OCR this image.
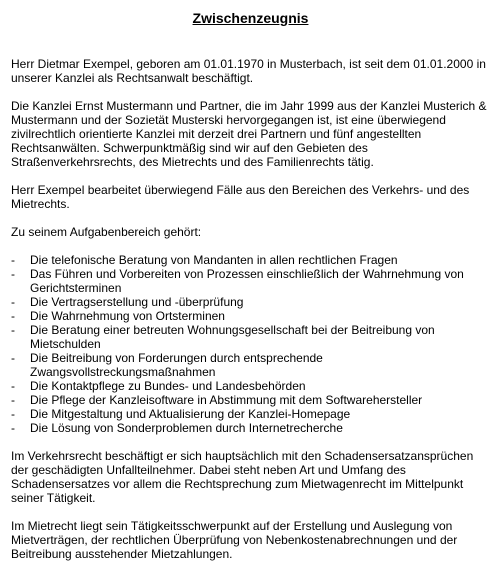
Zwischenzeugnis

Herr Dietmar Exempel, geboren am 01.01.1970 in Musterbach, ist seit dem 01.01.2000 in unserer Kanzlei als Rechtsanwalt beschäftigt.

Die Kanzlei Ernst Mustermann und Partner, die im Jahr 1999 aus der Kanzlei Musterich & Mustermann und der Sozietät Musterski hervorgegangen ist, ist eine überwiegend zivilrechtlich orientierte Kanzlei mit derzeit drei Partnern und fünf angestellten Rechtsanwälten. Schwerpunktmäßig sind wir auf den Gebieten des Straßenverkehrsrechts, des Mietrechts und des Familienrechts tätig.

Herr Exempel bearbeitet überwiegend Fälle aus den Bereichen des Verkehrs- und des Mietrechts.

Zu seinem Aufgabenbereich gehört:

- Die telefonische Beratung von Mandanten in allen rechtlichen Fragen
- Das Führen und Vorbereiten von Prozessen einschließlich der Wahrnehmung von Gerichtsterminen
- Die Vertragserstellung und -überprüfung
- Die Wahrnehmung von Ortsterminen
- Die Beratung einer betreuten Wohnungsgesellschaft bei der Beitreibung von Mietschulden
- Die Beitreibung von Forderungen durch entsprechende Zwangsvollstreckungsmaßnahmen
- Die Kontaktpflege zu Bundes- und Landesbehörden
- Die Pflege der Kanzleisoftware in Abstimmung mit dem Softwarehersteller
- Die Mitgestaltung und Aktualisierung der Kanzlei-Homepage
- Die Lösung von Sonderproblemen durch Internetrecherche

Im Verkehrsrecht beschäftigt er sich hauptsächlich mit den Schadensersatzansprüchen der geschädigten Unfallteilnehmer. Dabei steht neben Art und Umfang des Schadensersatzes vor allem die Rechtsprechung zum Mietwagenrecht im Mittelpunkt seiner Tätigkeit.

Im Mietrecht liegt sein Tätigkeitsschwerpunkt auf der Erstellung und Auslegung von Mietverträgen, der rechtlichen Überprüfung von Nebenkostenabrechnungen und der Beitreibung ausstehender Mietzahlungen.
